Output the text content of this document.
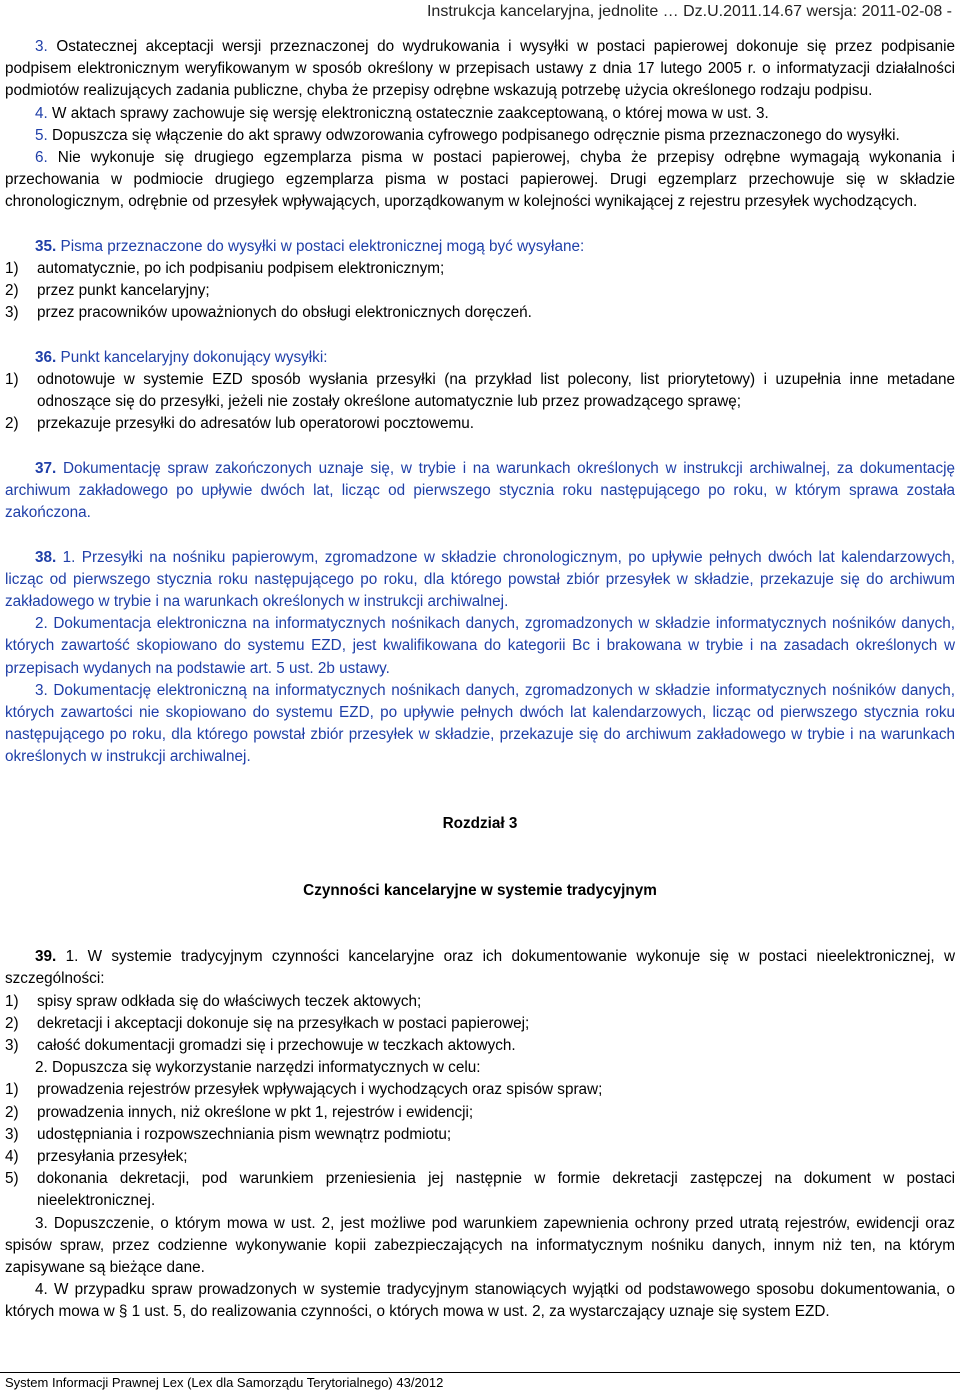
Instrukcja kancelaryjna, jednolite … Dz.U.2011.14.67 wersja: 2011-02-08 -

3. Ostatecznej akceptacji wersji przeznaczonej do wydrukowania i wysyłki w postaci papierowej dokonuje się przez podpisanie podpisem elektronicznym weryfikowanym w sposób określony w przepisach ustawy z dnia 17 lutego 2005 r. o informatyzacji działalności podmiotów realizujących zadania publiczne, chyba że przepisy odrębne wskazują potrzebę użycia określonego rodzaju podpisu.

4. W aktach sprawy zachowuje się wersję elektroniczną ostatecznie zaakceptowaną, o której mowa w ust. 3.

5. Dopuszcza się włączenie do akt sprawy odwzorowania cyfrowego podpisanego odręcznie pisma przeznaczonego do wysyłki.

6. Nie wykonuje się drugiego egzemplarza pisma w postaci papierowej, chyba że przepisy odrębne wymagają wykonania i przechowania w podmiocie drugiego egzemplarza pisma w postaci papierowej. Drugi egzemplarz przechowuje się w składzie chronologicznym, odrębnie od przesyłek wpływających, uporządkowanym w kolejności wynikającej z rejestru przesyłek wychodzących.

35. Pisma przeznaczone do wysyłki w postaci elektronicznej mogą być wysyłane:

1)	automatycznie, po ich podpisaniu podpisem elektronicznym;
2)	przez punkt kancelaryjny;
3)	przez pracowników upoważnionych do obsługi elektronicznych doręczeń.

36. Punkt kancelaryjny dokonujący wysyłki:

1)	odnotowuje w systemie EZD sposób wysłania przesyłki (na przykład list polecony, list priorytetowy) i uzupełnia inne metadane odnoszące się do przesyłki, jeżeli nie zostały określone automatycznie lub przez prowadzącego sprawę;
2)	przekazuje przesyłki do adresatów lub operatorowi pocztowemu.

37. Dokumentację spraw zakończonych uznaje się, w trybie i na warunkach określonych w instrukcji archiwalnej, za dokumentację archiwum zakładowego po upływie dwóch lat, licząc od pierwszego stycznia roku następującego po roku, w którym sprawa została zakończona.

38. 1. Przesyłki na nośniku papierowym, zgromadzone w składzie chronologicznym, po upływie pełnych dwóch lat kalendarzowych, licząc od pierwszego stycznia roku następującego po roku, dla którego powstał zbiór przesyłek w składzie, przekazuje się do archiwum zakładowego w trybie i na warunkach określonych w instrukcji archiwalnej.

2. Dokumentacja elektroniczna na informatycznych nośnikach danych, zgromadzonych w składzie informatycznych nośników danych, których zawartość skopiowano do systemu EZD, jest kwalifikowana do kategorii Bc i brakowana w trybie i na zasadach określonych w przepisach wydanych na podstawie art. 5 ust. 2b ustawy.

3. Dokumentację elektroniczną na informatycznych nośnikach danych, zgromadzonych w składzie informatycznych nośników danych, których zawartości nie skopiowano do systemu EZD, po upływie pełnych dwóch lat kalendarzowych, licząc od pierwszego stycznia roku następującego po roku, dla którego powstał zbiór przesyłek w składzie, przekazuje się do archiwum zakładowego w trybie i na warunkach określonych w instrukcji archiwalnej.

Rozdział 3

Czynności kancelaryjne w systemie tradycyjnym

39. 1. W systemie tradycyjnym czynności kancelaryjne oraz ich dokumentowanie wykonuje się w postaci nieelektronicznej, w szczególności:

1)	spisy spraw odkłada się do właściwych teczek aktowych;
2)	dekretacji i akceptacji dokonuje się na przesyłkach w postaci papierowej;
3)	całość dokumentacji gromadzi się i przechowuje w teczkach aktowych.

2. Dopuszcza się wykorzystanie narzędzi informatycznych w celu:

1)	prowadzenia rejestrów przesyłek wpływających i wychodzących oraz spisów spraw;
2)	prowadzenia innych, niż określone w pkt 1, rejestrów i ewidencji;
3)	udostępniania i rozpowszechniania pism wewnątrz podmiotu;
4)	przesyłania przesyłek;
5)	dokonania dekretacji, pod warunkiem przeniesienia jej następnie w formie dekretacji zastępczej na dokument w postaci nieelektronicznej.

3. Dopuszczenie, o którym mowa w ust. 2, jest możliwe pod warunkiem zapewnienia ochrony przed utratą rejestrów, ewidencji oraz spisów spraw, przez codzienne wykonywanie kopii zabezpieczających na informatycznym nośniku danych, innym niż ten, na którym zapisywane są bieżące dane.

4. W przypadku spraw prowadzonych w systemie tradycyjnym stanowiących wyjątki od podstawowego sposobu dokumentowania, o których mowa w § 1 ust. 5, do realizowania czynności, o których mowa w ust. 2, za wystarczający uznaje się system EZD.

System Informacji Prawnej Lex (Lex dla Samorządu Terytorialnego) 43/2012
